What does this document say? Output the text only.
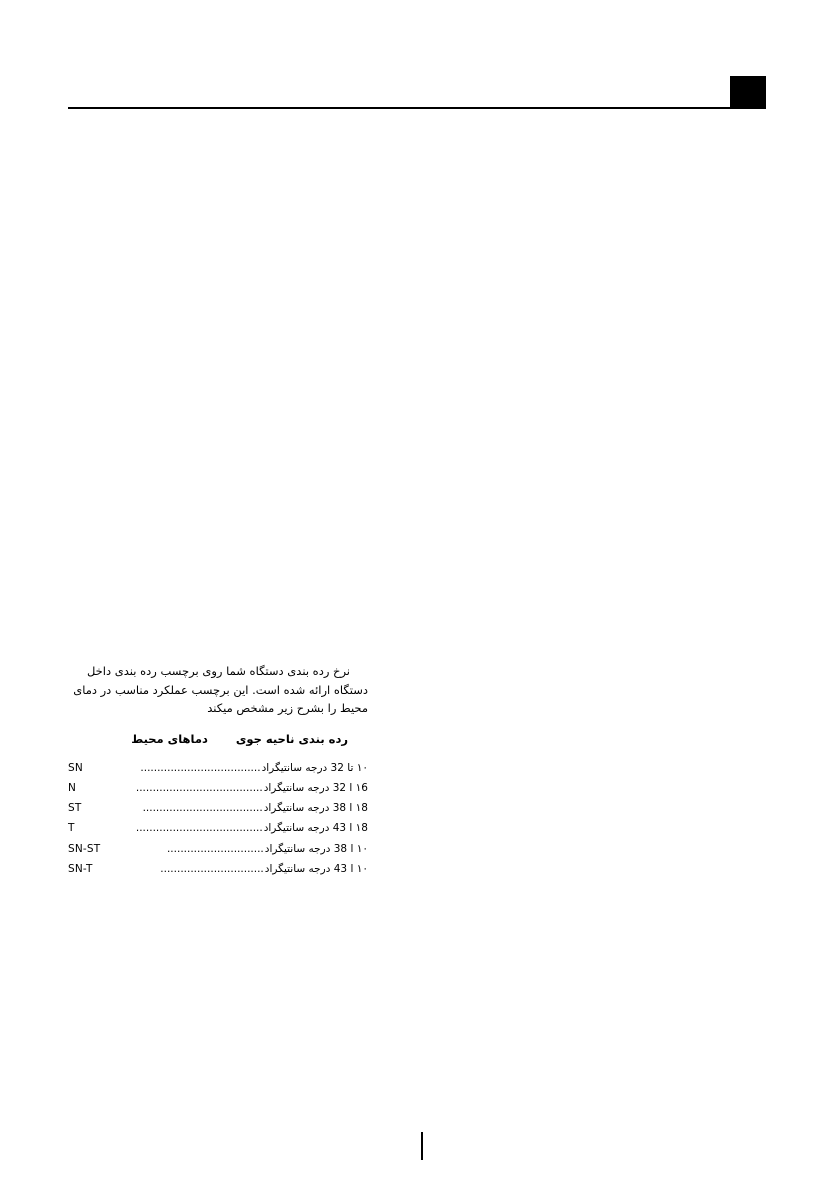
نرخ رده بندی دستگاه شما روی برچسب رده بندی داخل
دستگاه ارائه شده است. این برچسب عملکرد مناسب در دمای
محیط را بشرح زیر مشخص میکند

رده بندی ناحیه جوی
دماهای محیط
۱۰ تا 32 درجه سانتیگراد
....................................
SN
۱6 ا 32 درجه سانتیگراد
......................................
N
۱8 ا 38 درجه سانتیگراد
....................................
ST
۱8 ا 43 درجه سانتیگراد
......................................
T
۱۰ ا 38 درجه سانتیگراد
.............................
SN-ST
۱۰ ا 43 درجه سانتیگراد
...............................
SN-T
